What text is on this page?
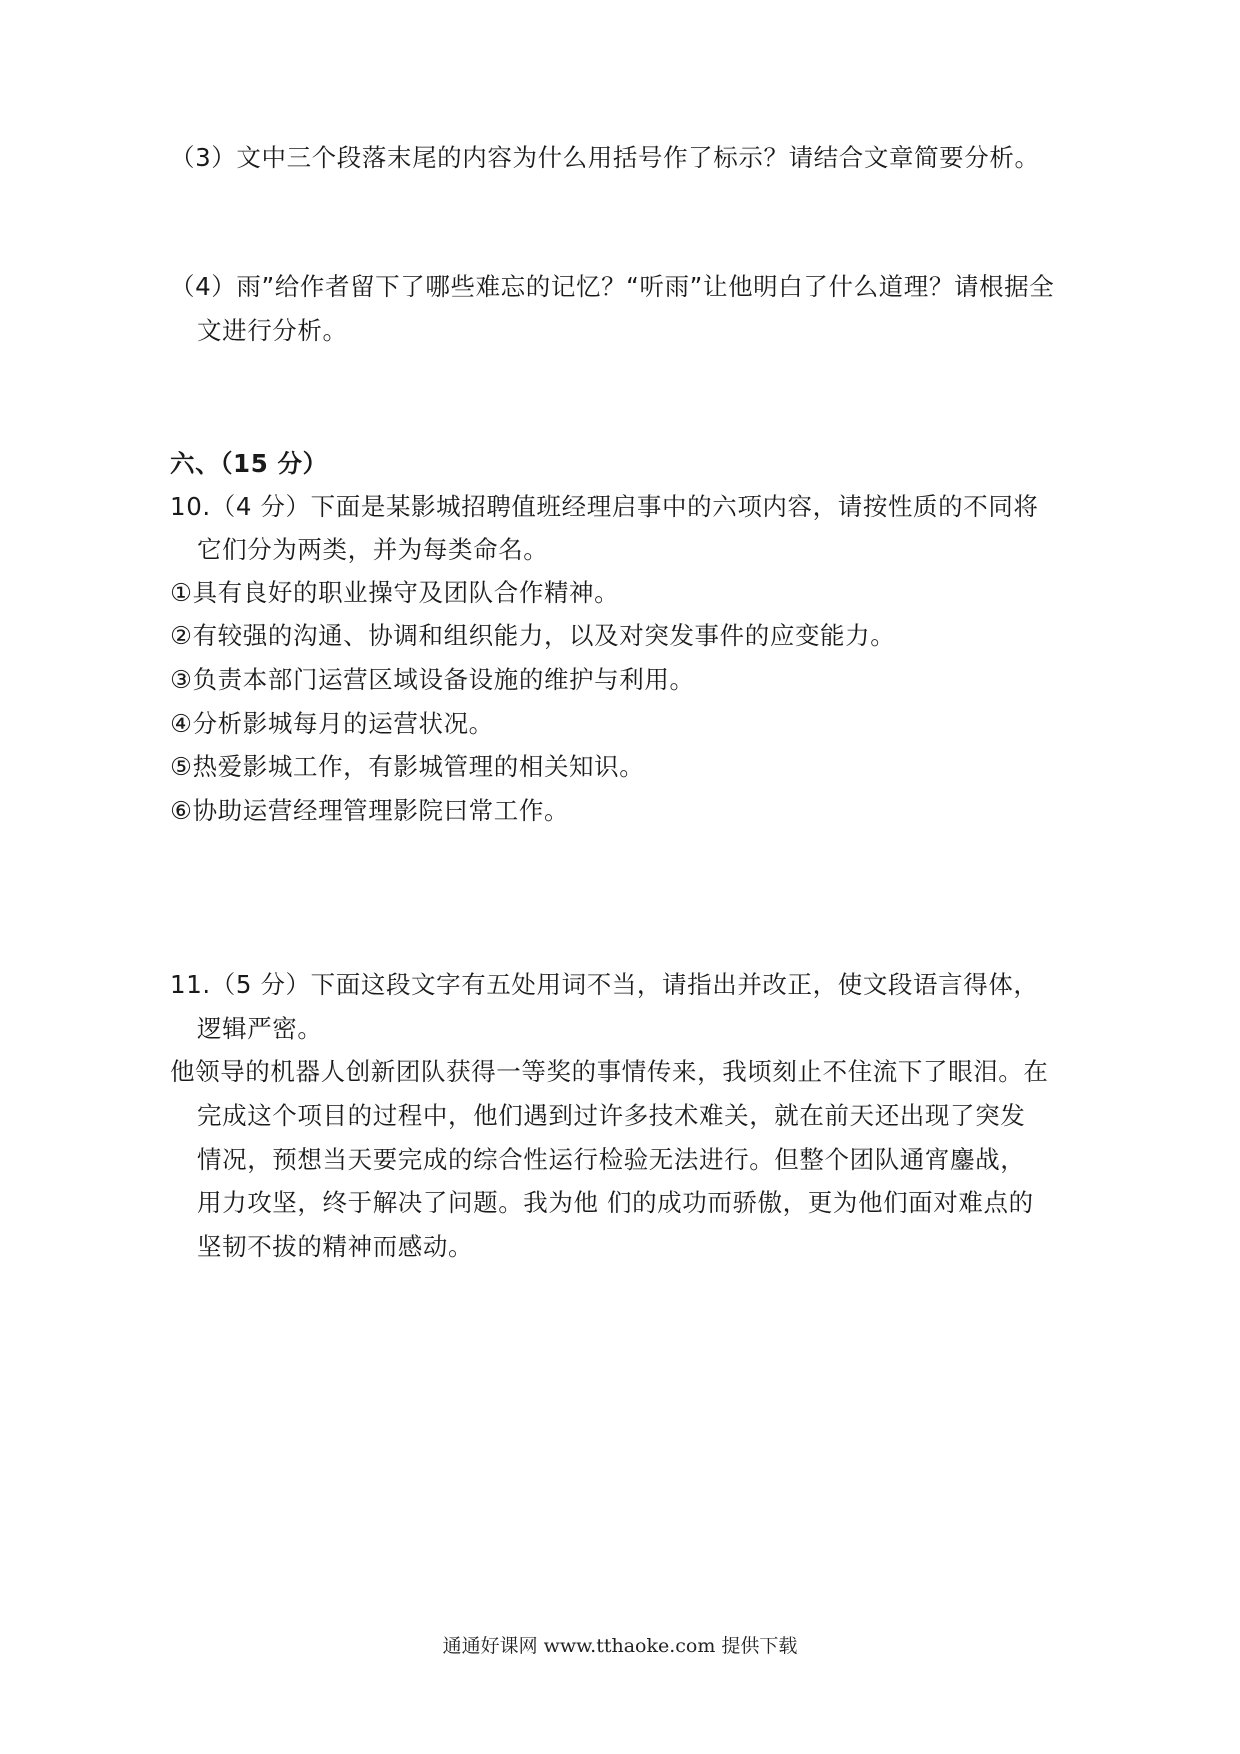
（3）文中三个段落末尾的内容为什么用括号作了标示？请结合文章简要分析。
（4）雨”给作者留下了哪些难忘的记忆？“听雨”让他明白了什么道理？请根据全
文进行分析。
六、（15 分）
10.（4 分）下面是某影城招聘值班经理启事中的六项内容，请按性质的不同将
它们分为两类，并为每类命名。
①具有良好的职业操守及团队合作精神。
②有较强的沟通、协调和组织能力，以及对突发事件的应变能力。
③负责本部门运营区域设备设施的维护与利用。
④分析影城每月的运营状况。
⑤热爱影城工作，有影城管理的相关知识。
⑥协助运营经理管理影院曰常工作。
11.（5 分）下面这段文字有五处用词不当，请指出并改正，使文段语言得体，
逻辑严密。
他领导的机器人创新团队获得一等奖的事情传来，我顷刻止不住流下了眼泪。在
完成这个项目的过程中，他们遇到过许多技术难关，就在前天还出现了突发
情况，预想当天要完成的综合性运行检验无法进行。但整个团队通宵鏖战，
用力攻坚，终于解决了问题。我为他 们的成功而骄傲，更为他们面对难点的
坚韧不拔的精神而感动。
通通好课网 www.tthaoke.com 提供下载
